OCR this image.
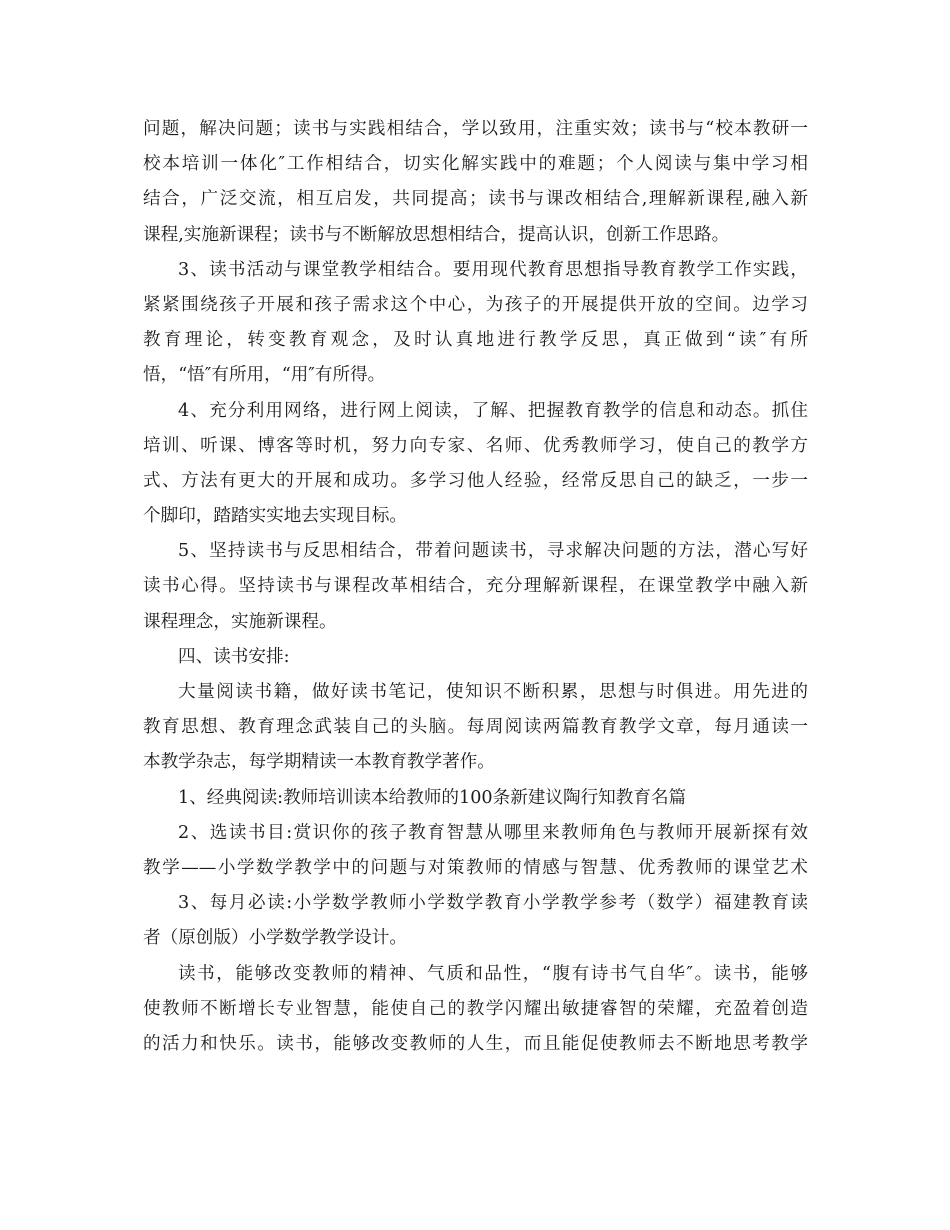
问题，解决问题；读书与实践相结合，学以致用，注重实效；读书与“校本教研一
校本培训一体化″工作相结合，切实化解实践中的难题；个人阅读与集中学习相
结合，广泛交流，相互启发，共同提高；读书与课改相结合,理解新课程,融入新
课程,实施新课程；读书与不断解放思想相结合，提高认识，创新工作思路。
3、读书活动与课堂教学相结合。要用现代教育思想指导教育教学工作实践，
紧紧围绕孩子开展和孩子需求这个中心，为孩子的开展提供开放的空间。边学习
教育理论，转变教育观念，及时认真地进行教学反思，真正做到“读″有所
悟，“悟″有所用，“用″有所得。
4、充分利用网络，进行网上阅读，了解、把握教育教学的信息和动态。抓住
培训、听课、博客等时机，努力向专家、名师、优秀教师学习，使自己的教学方
式、方法有更大的开展和成功。多学习他人经验，经常反思自己的缺乏，一步一
个脚印，踏踏实实地去实现目标。
5、坚持读书与反思相结合，带着问题读书，寻求解决问题的方法，潜心写好
读书心得。坚持读书与课程改革相结合，充分理解新课程，在课堂教学中融入新
课程理念，实施新课程。
四、读书安排:
大量阅读书籍，做好读书笔记，使知识不断积累，思想与时俱进。用先进的
教育思想、教育理念武装自己的头脑。每周阅读两篇教育教学文章，每月通读一
本教学杂志，每学期精读一本教育教学著作。
1、经典阅读:教师培训读本给教师的100条新建议陶行知教育名篇
2、选读书目:赏识你的孩子教育智慧从哪里来教师角色与教师开展新探有效
教学——小学数学教学中的问题与对策教师的情感与智慧、优秀教师的课堂艺术
3、每月必读:小学数学教师小学数学教育小学教学参考（数学）福建教育读
者（原创版）小学数学教学设计。
读书，能够改变教师的精神、气质和品性，“腹有诗书气自华″。读书，能够
使教师不断增长专业智慧，能使自己的教学闪耀出敏捷睿智的荣耀，充盈着创造
的活力和快乐。读书，能够改变教师的人生，而且能促使教师去不断地思考教学
